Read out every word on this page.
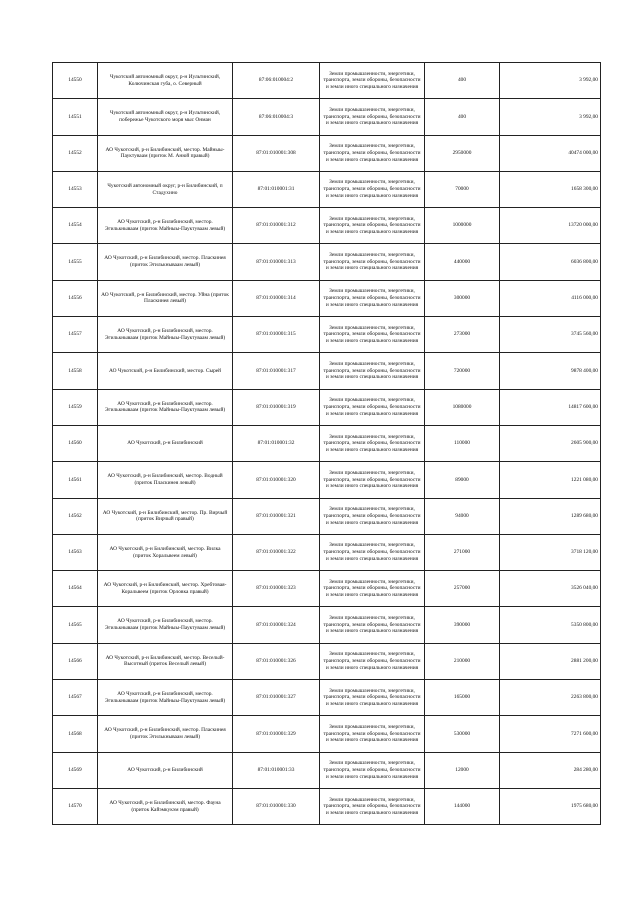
14550	Чукотский автономный округ, р-н Иультинский, Колючинская губа, о. Северный	87:06:010004:2	Земли промышленности, энергетики, транспорта, земли обороны, безопасности и земли иного специального назначения	400	3 992,00
14551	Чукотский автономный округ, р-н Иультинский, побережье Чукотского моря мыс Онман	87:06:010004:3	Земли промышленности, энергетики, транспорта, земли обороны, безопасности и земли иного специального назначения	400	3 992,00
14552	АО Чукотский, р-н Билибинский, местор. Майныы-Пауктуваам (приток М. Анюй правый)	87:01:010001:308	Земли промышленности, энергетики, транспорта, земли обороны, безопасности и земли иного специального назначения	2950000	40474 000,00
14553	Чукотский автономный округ, р-н Билибинский, п Стадухино	87:01:010001:31	Земли промышленности, энергетики, транспорта, земли обороны, безопасности и земли иного специального назначения	70000	1658 300,00
14554	АО Чукотский, р-н Билибинский, местор. Эгилькнываам (приток Майныы-Пауктуваам левый)	87:01:010001:312	Земли промышленности, энергетики, транспорта, земли обороны, безопасности и земли иного специального назначения	1000000	13720 000,00
14555	АО Чукотский, р-н Билибинский, местор. Пласкинея (приток Эгилькнываам левый)	87:01:010001:313	Земли промышленности, энергетики, транспорта, земли обороны, безопасности и земли иного специального назначения	440000	6036 800,00
14556	АО Чукотский, р-н Билибинский, местор. Уйна (приток Пласкинея левый)	87:01:010001:314	Земли промышленности, энергетики, транспорта, земли обороны, безопасности и земли иного специального назначения	300000	4116 000,00
14557	АО Чукотский, р-н Билибинский, местор. Эгилькнываам (приток Майныы-Пауктуваам левый)	87:01:010001:315	Земли промышленности, энергетики, транспорта, земли обороны, безопасности и земли иного специального назначения	273000	3745 560,00
14558	АО Чукотский, р-н Билибинский, местор. Сырей	87:01:010001:317	Земли промышленности, энергетики, транспорта, земли обороны, безопасности и земли иного специального назначения	720000	9878 400,00
14559	АО Чукотский, р-н Билибинский, местор. Эгилькнываам (приток Майныы-Пауктуваам левый)	87:01:010001:319	Земли промышленности, энергетики, транспорта, земли обороны, безопасности и земли иного специального назначения	1080000	14817 600,00
14560	АО Чукотский, р-н Билибинский	87:01:010001:32	Земли промышленности, энергетики, транспорта, земли обороны, безопасности и земли иного специального назначения	110000	2605 900,00
14561	АО Чукотский, р-н Билибинский, местор. Водный (приток Пласкинея левый)	87:01:010001:320	Земли промышленности, энергетики, транспорта, земли обороны, безопасности и земли иного специального назначения	89000	1221 080,00
14562	АО Чукотский, р-н Билибинский, местор. Пр. Вирчый (приток Вирчый правый)	87:01:010001:321	Земли промышленности, энергетики, транспорта, земли обороны, безопасности и земли иного специального назначения	94000	1289 680,00
14563	АО Чукотский, р-н Билибинский, местор. Вилка (приток Хоральвеем левый)	87:01:010001:322	Земли промышленности, энергетики, транспорта, земли обороны, безопасности и земли иного специального назначения	271000	3718 120,00
14564	АО Чукотский, р-н Билибинский, местор. Хребтовая-Коральвеем (приток Орловка правый)	87:01:010001:323	Земли промышленности, энергетики, транспорта, земли обороны, безопасности и земли иного специального назначения	257000	3526 040,00
14565	АО Чукотский, р-н Билибинский, местор. Эгилькнываам (приток Майныы-Пауктуваам левый)	87:01:010001:324	Земли промышленности, энергетики, транспорта, земли обороны, безопасности и земли иного специального назначения	390000	5350 800,00
14566	АО Чукотский, р-н Билибинский, местор. Веселый-Высотный (приток Веселый левый)	87:01:010001:326	Земли промышленности, энергетики, транспорта, земли обороны, безопасности и земли иного специального назначения	210000	2881 200,00
14567	АО Чукотский, р-н Билибинский, местор. Эгилькнываам (приток Майныы-Пауктуваам левый)	87:01:010001:327	Земли промышленности, энергетики, транспорта, земли обороны, безопасности и земли иного специального назначения	165000	2263 800,00
14568	АО Чукотский, р-н Билибинский, местор. Пласкинея (приток Эгилькнываам левый)	87:01:010001:329	Земли промышленности, энергетики, транспорта, земли обороны, безопасности и земли иного специального назначения	530000	7271 600,00
14569	АО Чукотский, р-н Билибинский	87:01:010001:33	Земли промышленности, энергетики, транспорта, земли обороны, безопасности и земли иного специального назначения	12000	284 280,00
14570	АО Чукотский, р-н Билибинский, местор. Фауна (приток Кайэмкукэм правый)	87:01:010001:330	Земли промышленности, энергетики, транспорта, земли обороны, безопасности и земли иного специального назначения	144000	1975 680,00
